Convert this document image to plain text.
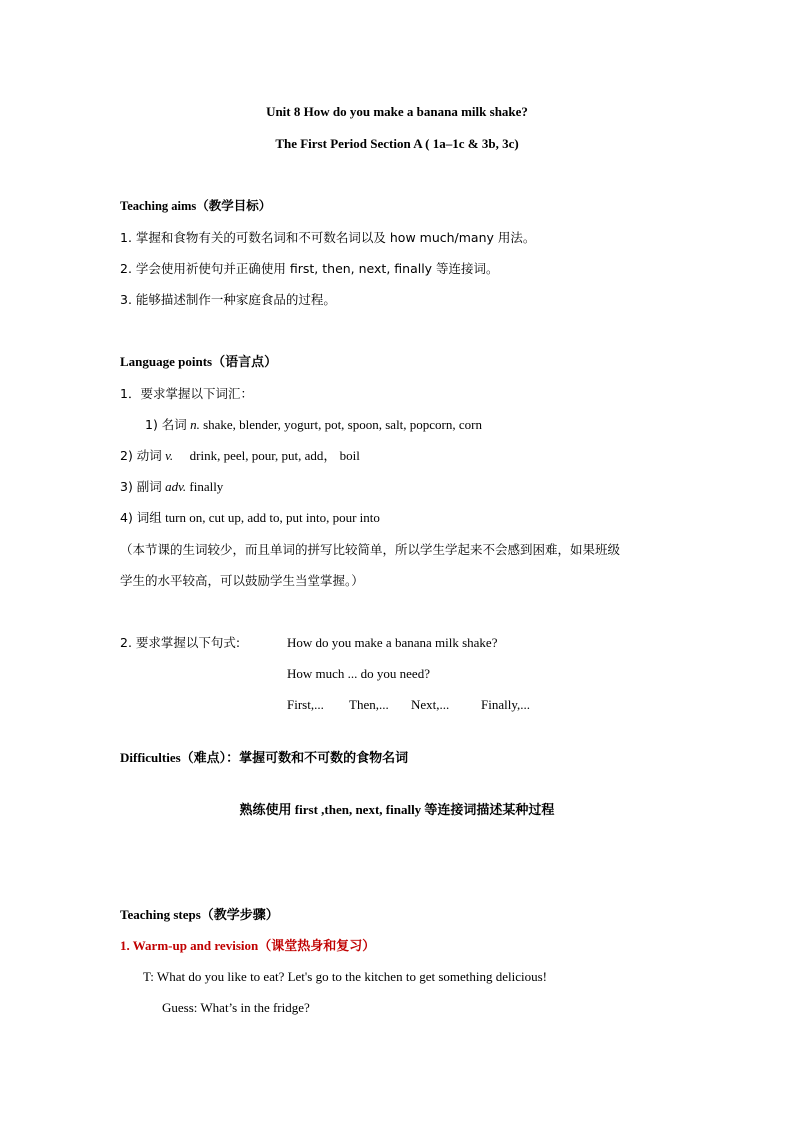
Unit 8 How do you make a banana milk shake?
The First Period Section A ( 1a–1c & 3b, 3c)
Teaching aims（教学目标）
1. 掌握和食物有关的可数名词和不可数名词以及 how much/many 用法。
2. 学会使用祈使句并正确使用 first, then, next, finally 等连接词。
3. 能够描述制作一种家庭食品的过程。
Language points（语言点）
1．要求掌握以下词汇：
1) 名词 n. shake, blender, yogurt, pot, spoon, salt, popcorn, corn
2) 动词 v. drink, peel, pour, put, add， boil
3) 副词 adv. finally
4) 词组 turn on, cut up, add to, put into, pour into
（本节课的生词较少，而且单词的拼写比较简单，所以学生学起来不会感到困难，如果班级
学生的水平较高，可以鼓励学生当堂掌握。）
2. 要求掌握以下句式:	How do you make a banana milk shake?
How much ... do you need?
First,... Then,... Next,... Finally,...
Difficulties（难点）：掌握可数和不可数的食物名词
熟练使用 first ,then, next, finally 等连接词描述某种过程
Teaching steps（教学步骤）
1. Warm-up and revision（课堂热身和复习）
T: What do you like to eat? Let's go to the kitchen to get something delicious!
Guess: What’s in the fridge?
